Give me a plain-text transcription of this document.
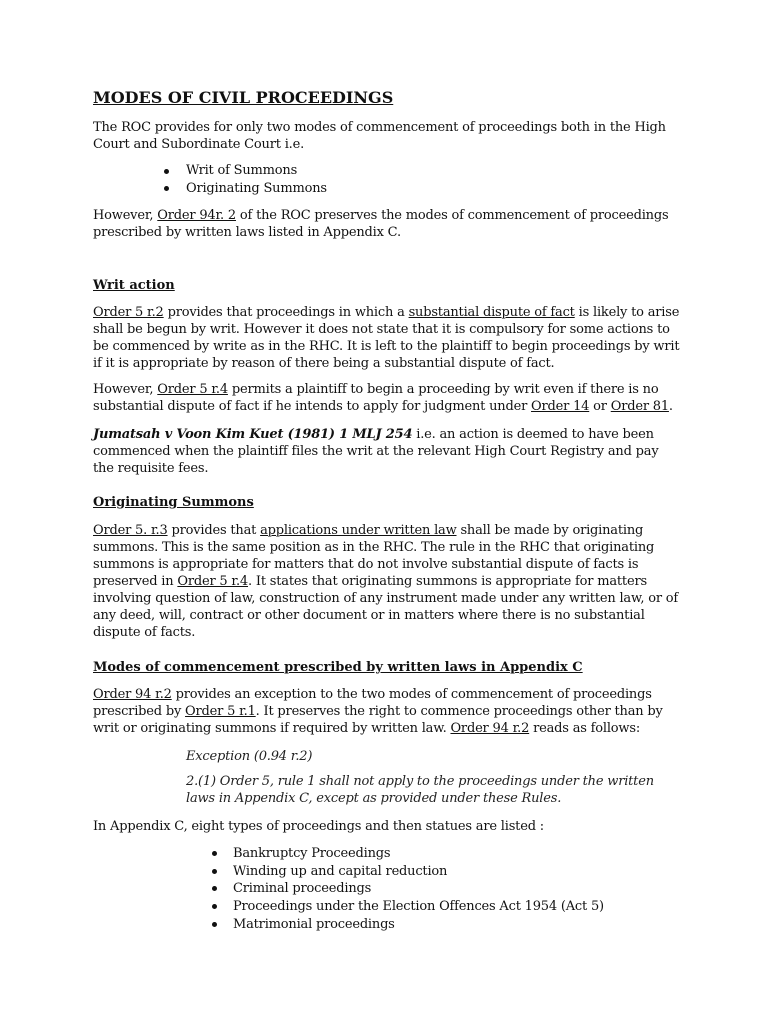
MODES OF CIVIL PROCEEDINGS
The ROC provides for only two modes of commencement of proceedings both in the High Court and Subordinate Court i.e.
Writ of Summons
Originating Summons
However, Order 94r. 2 of the ROC preserves the modes of commencement of proceedings prescribed by written laws listed in Appendix C.
Writ action
Order 5 r.2 provides that proceedings in which a substantial dispute of fact is likely to arise shall be begun by writ. However it does not state that it is compulsory for some actions to be commenced by write as in the RHC. It is left to the plaintiff to begin proceedings by writ if it is appropriate by reason of there being a substantial dispute of fact.
However, Order 5 r.4 permits a plaintiff to begin a proceeding by writ even if there is no substantial dispute of fact if he intends to apply for judgment under Order 14 or Order 81.
Jumatsah v Voon Kim Kuet (1981) 1 MLJ 254 i.e. an action is deemed to have been commenced when the plaintiff files the writ at the relevant High Court Registry and pay the requisite fees.
Originating Summons
Order 5. r.3 provides that applications under written law shall be made by originating summons. This is the same position as in the RHC. The rule in the RHC that originating summons is appropriate for matters that do not involve substantial dispute of facts is preserved in Order 5 r.4. It states that originating summons is appropriate for matters involving question of law, construction of any instrument made under any written law, or of any deed, will, contract or other document or in matters where there is no substantial dispute of facts.
Modes of commencement prescribed by written laws in Appendix C
Order 94 r.2 provides an exception to the two modes of commencement of proceedings prescribed by Order 5 r.1. It preserves the right to commence proceedings other than by writ or originating summons if required by written law. Order 94 r.2 reads as follows:
Exception (0.94 r.2)
2.(1) Order 5, rule 1 shall not apply to the proceedings under the written laws in Appendix C, except as provided under these Rules.
In Appendix C, eight types of proceedings and then statues are listed :
Bankruptcy Proceedings
Winding up and capital reduction
Criminal proceedings
Proceedings under the Election Offences Act 1954 (Act 5)
Matrimonial proceedings
